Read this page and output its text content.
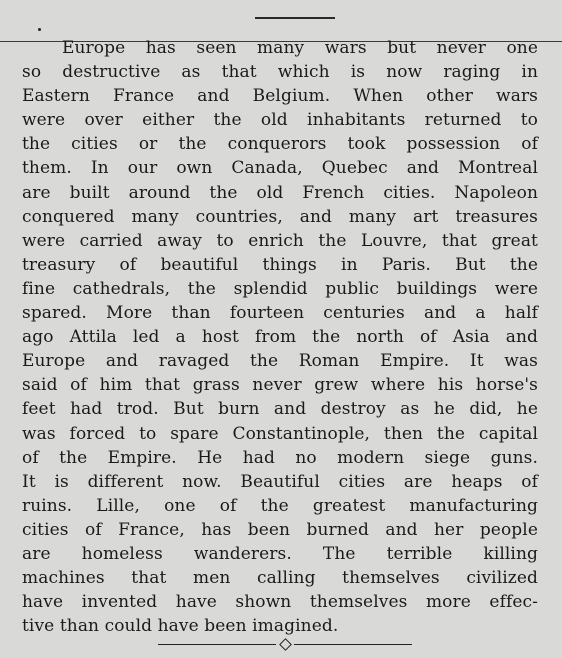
Europe has seen many wars but never one
so destructive as that which is now raging in
Eastern France and Belgium. When other wars
were over either the old inhabitants returned to
the cities or the conquerors took possession of
them. In our own Canada, Quebec and Montreal
are built around the old French cities. Napoleon
conquered many countries, and many art treasures
were carried away to enrich the Louvre, that great
treasury of beautiful things in Paris. But the
fine cathedrals, the splendid public buildings were
spared. More than fourteen centuries and a half
ago Attila led a host from the north of Asia and
Europe and ravaged the Roman Empire. It was
said of him that grass never grew where his horse's
feet had trod. But burn and destroy as he did, he
was forced to spare Constantinople, then the capital
of the Empire. He had no modern siege guns.
It is different now. Beautiful cities are heaps of
ruins. Lille, one of the greatest manufacturing
cities of France, has been burned and her people
are homeless wanderers. The terrible killing
machines that men calling themselves civilized
have invented have shown themselves more effec-
tive than could have been imagined.
